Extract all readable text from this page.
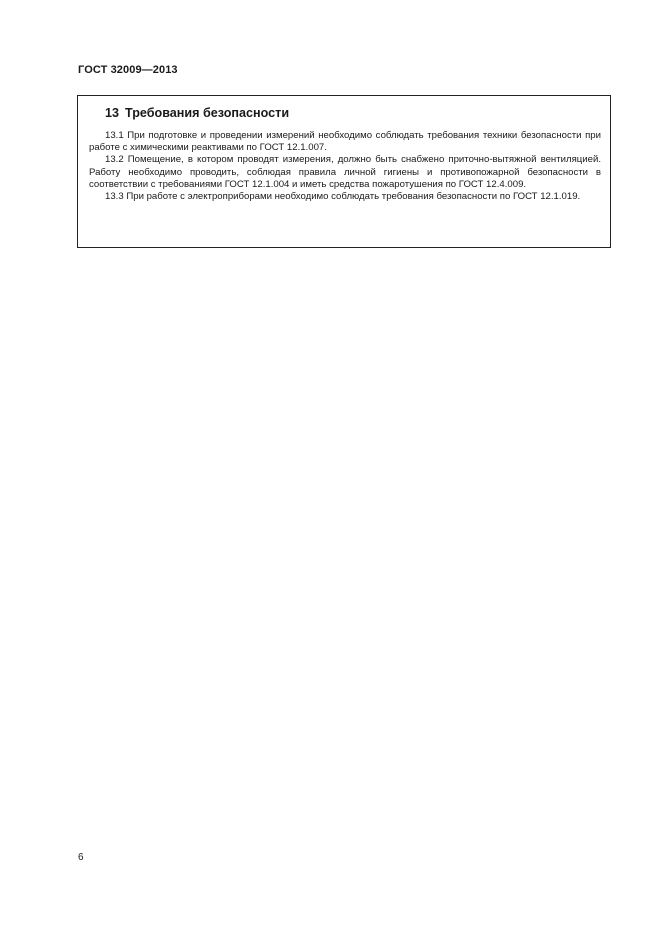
ГОСТ 32009—2013
13 Требования безопасности

13.1 При подготовке и проведении измерений необходимо соблюдать требования техники безопасности при работе с химическими реактивами по ГОСТ 12.1.007.

13.2 Помещение, в котором проводят измерения, должно быть снабжено приточно-вытяжной вентиляцией. Работу необходимо проводить, соблюдая правила личной гигиены и противопожарной безопасности в соответствии с требованиями ГОСТ 12.1.004 и иметь средства пожаротушения по ГОСТ 12.4.009.

13.3 При работе с электроприборами необходимо соблюдать требования безопасности по ГОСТ 12.1.019.

6
